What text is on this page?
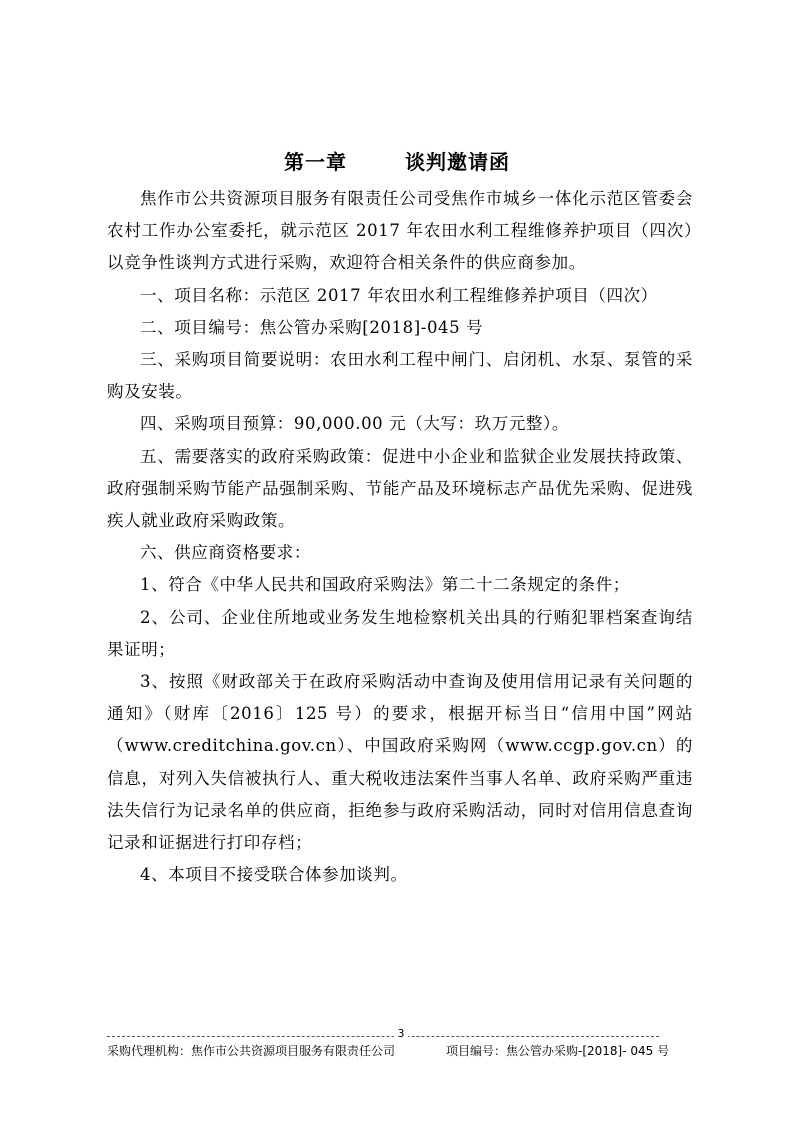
第一章	谈判邀请函

焦作市公共资源项目服务有限责任公司受焦作市城乡一体化示范区管委会农村工作办公室委托，就示范区 2017 年农田水利工程维修养护项目（四次）以竞争性谈判方式进行采购，欢迎符合相关条件的供应商参加。

一、项目名称：示范区 2017 年农田水利工程维修养护项目（四次）

二、项目编号：焦公管办采购[2018]-045 号

三、采购项目简要说明：农田水利工程中闸门、启闭机、水泵、泵管的采购及安装。

四、采购项目预算：90,000.00 元（大写：玖万元整）。

五、需要落实的政府采购政策：促进中小企业和监狱企业发展扶持政策、政府强制采购节能产品强制采购、节能产品及环境标志产品优先采购、促进残疾人就业政府采购政策。

六、供应商资格要求：

1、符合《中华人民共和国政府采购法》第二十二条规定的条件；

2、公司、企业住所地或业务发生地检察机关出具的行贿犯罪档案查询结果证明；

3、按照《财政部关于在政府采购活动中查询及使用信用记录有关问题的通知》（财库〔2016〕125 号）的要求，根据开标当日“信用中国”网站（www.creditchina.gov.cn）、中国政府采购网（www.ccgp.gov.cn）的信息，对列入失信被执行人、重大税收违法案件当事人名单、政府采购严重违法失信行为记录名单的供应商，拒绝参与政府采购活动，同时对信用信息查询记录和证据进行打印存档；

4、本项目不接受联合体参加谈判。

3
采购代理机构：焦作市公共资源项目服务有限责任公司	项目编号：焦公管办采购-[2018]- 045 号
